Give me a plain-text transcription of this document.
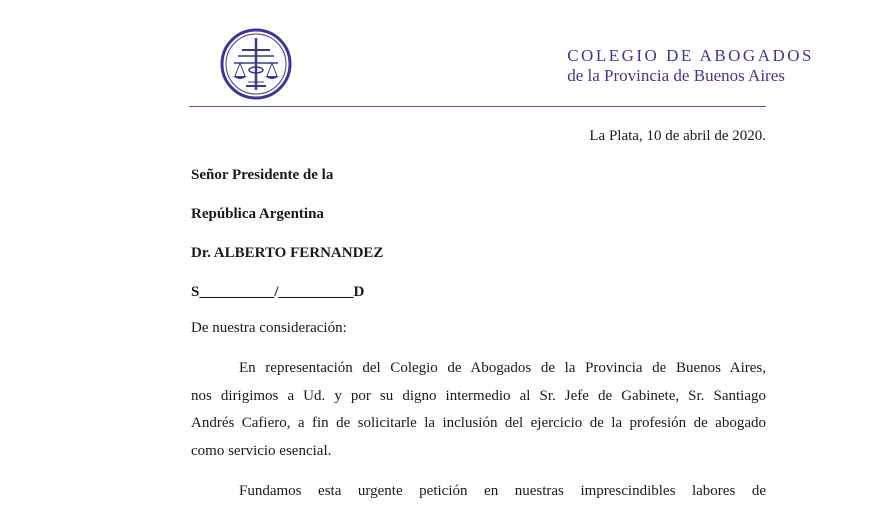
COLEGIO DE ABOGADOS
de la Provincia de Buenos Aires
La Plata, 10 de abril de 2020.
Señor Presidente de la
República Argentina
Dr. ALBERTO FERNANDEZ
S__________/__________D
De nuestra consideración:

En representación del Colegio de Abogados de la Provincia de Buenos Aires,
nos dirigimos a Ud. y por su digno intermedio al Sr. Jefe de Gabinete, Sr. Santiago
Andrés Cafiero, a fin de solicitarle la inclusión del ejercicio de la profesión de abogado
como servicio esencial.

Fundamos esta urgente petición en nuestras imprescindibles labores de
